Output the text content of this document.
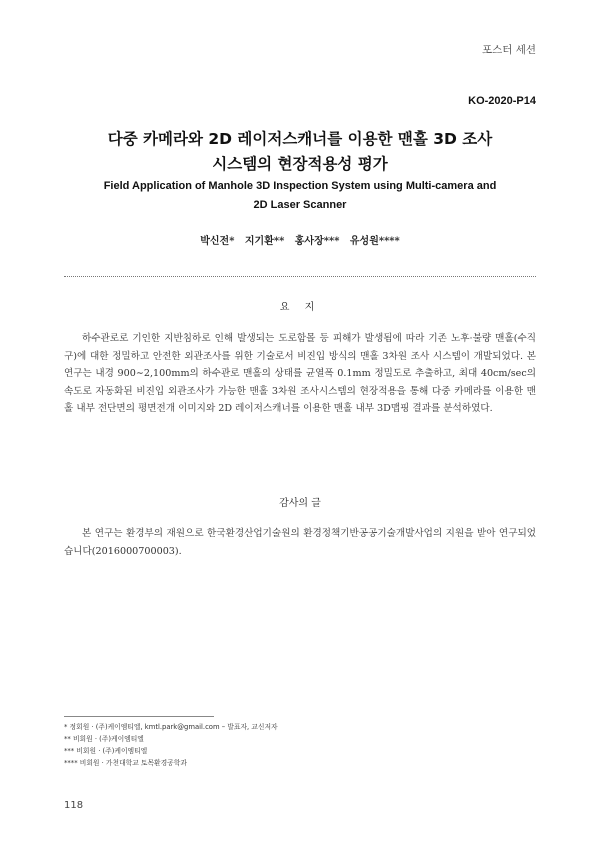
포스터 세션
KO-2020-P14
다중 카메라와 2D 레이저스캐너를 이용한 맨홀 3D 조사
시스템의 현장적용성 평가
Field Application of Manhole 3D Inspection System using Multi-camera and
2D Laser Scanner
박신전*   지기환**   홍사장***   유성원****
요 지
하수관로로 기인한 지반침하로 인해 발생되는 도로함몰 등 피해가 발생됨에 따라 기존 노후·불량 맨홀(수직구)에 대한 정밀하고 안전한 외관조사를 위한 기술로서 비진입 방식의 맨홀 3차원 조사 시스템이 개발되었다. 본 연구는 내경 900∼2,100mm의 하수관로 맨홀의 상태를 균열폭 0.1mm 정밀도로 추출하고, 최대 40cm/sec의 속도로 자동화된 비진입 외관조사가 가능한 맨홀 3차원 조사시스템의 현장적용을 통해 다중 카메라를 이용한 맨홀 내부 전단면의 평면전개 이미지와 2D 레이저스캐너를 이용한 맨홀 내부 3D맵핑 결과를 분석하였다.
감사의 글
본 연구는 환경부의 재원으로 한국환경산업기술원의 환경정책기반공공기술개발사업의 지원을 받아 연구되었습니다(2016000700003).
* 정회원 · (주)케이엠티엘, kmtl.park@gmail.com – 발표자, 교신저자
** 비회원 · (주)케이엠티엘
*** 비회원 · (주)케이엠티엘
**** 비회원 · 가천대학교 토목환경공학과
118
